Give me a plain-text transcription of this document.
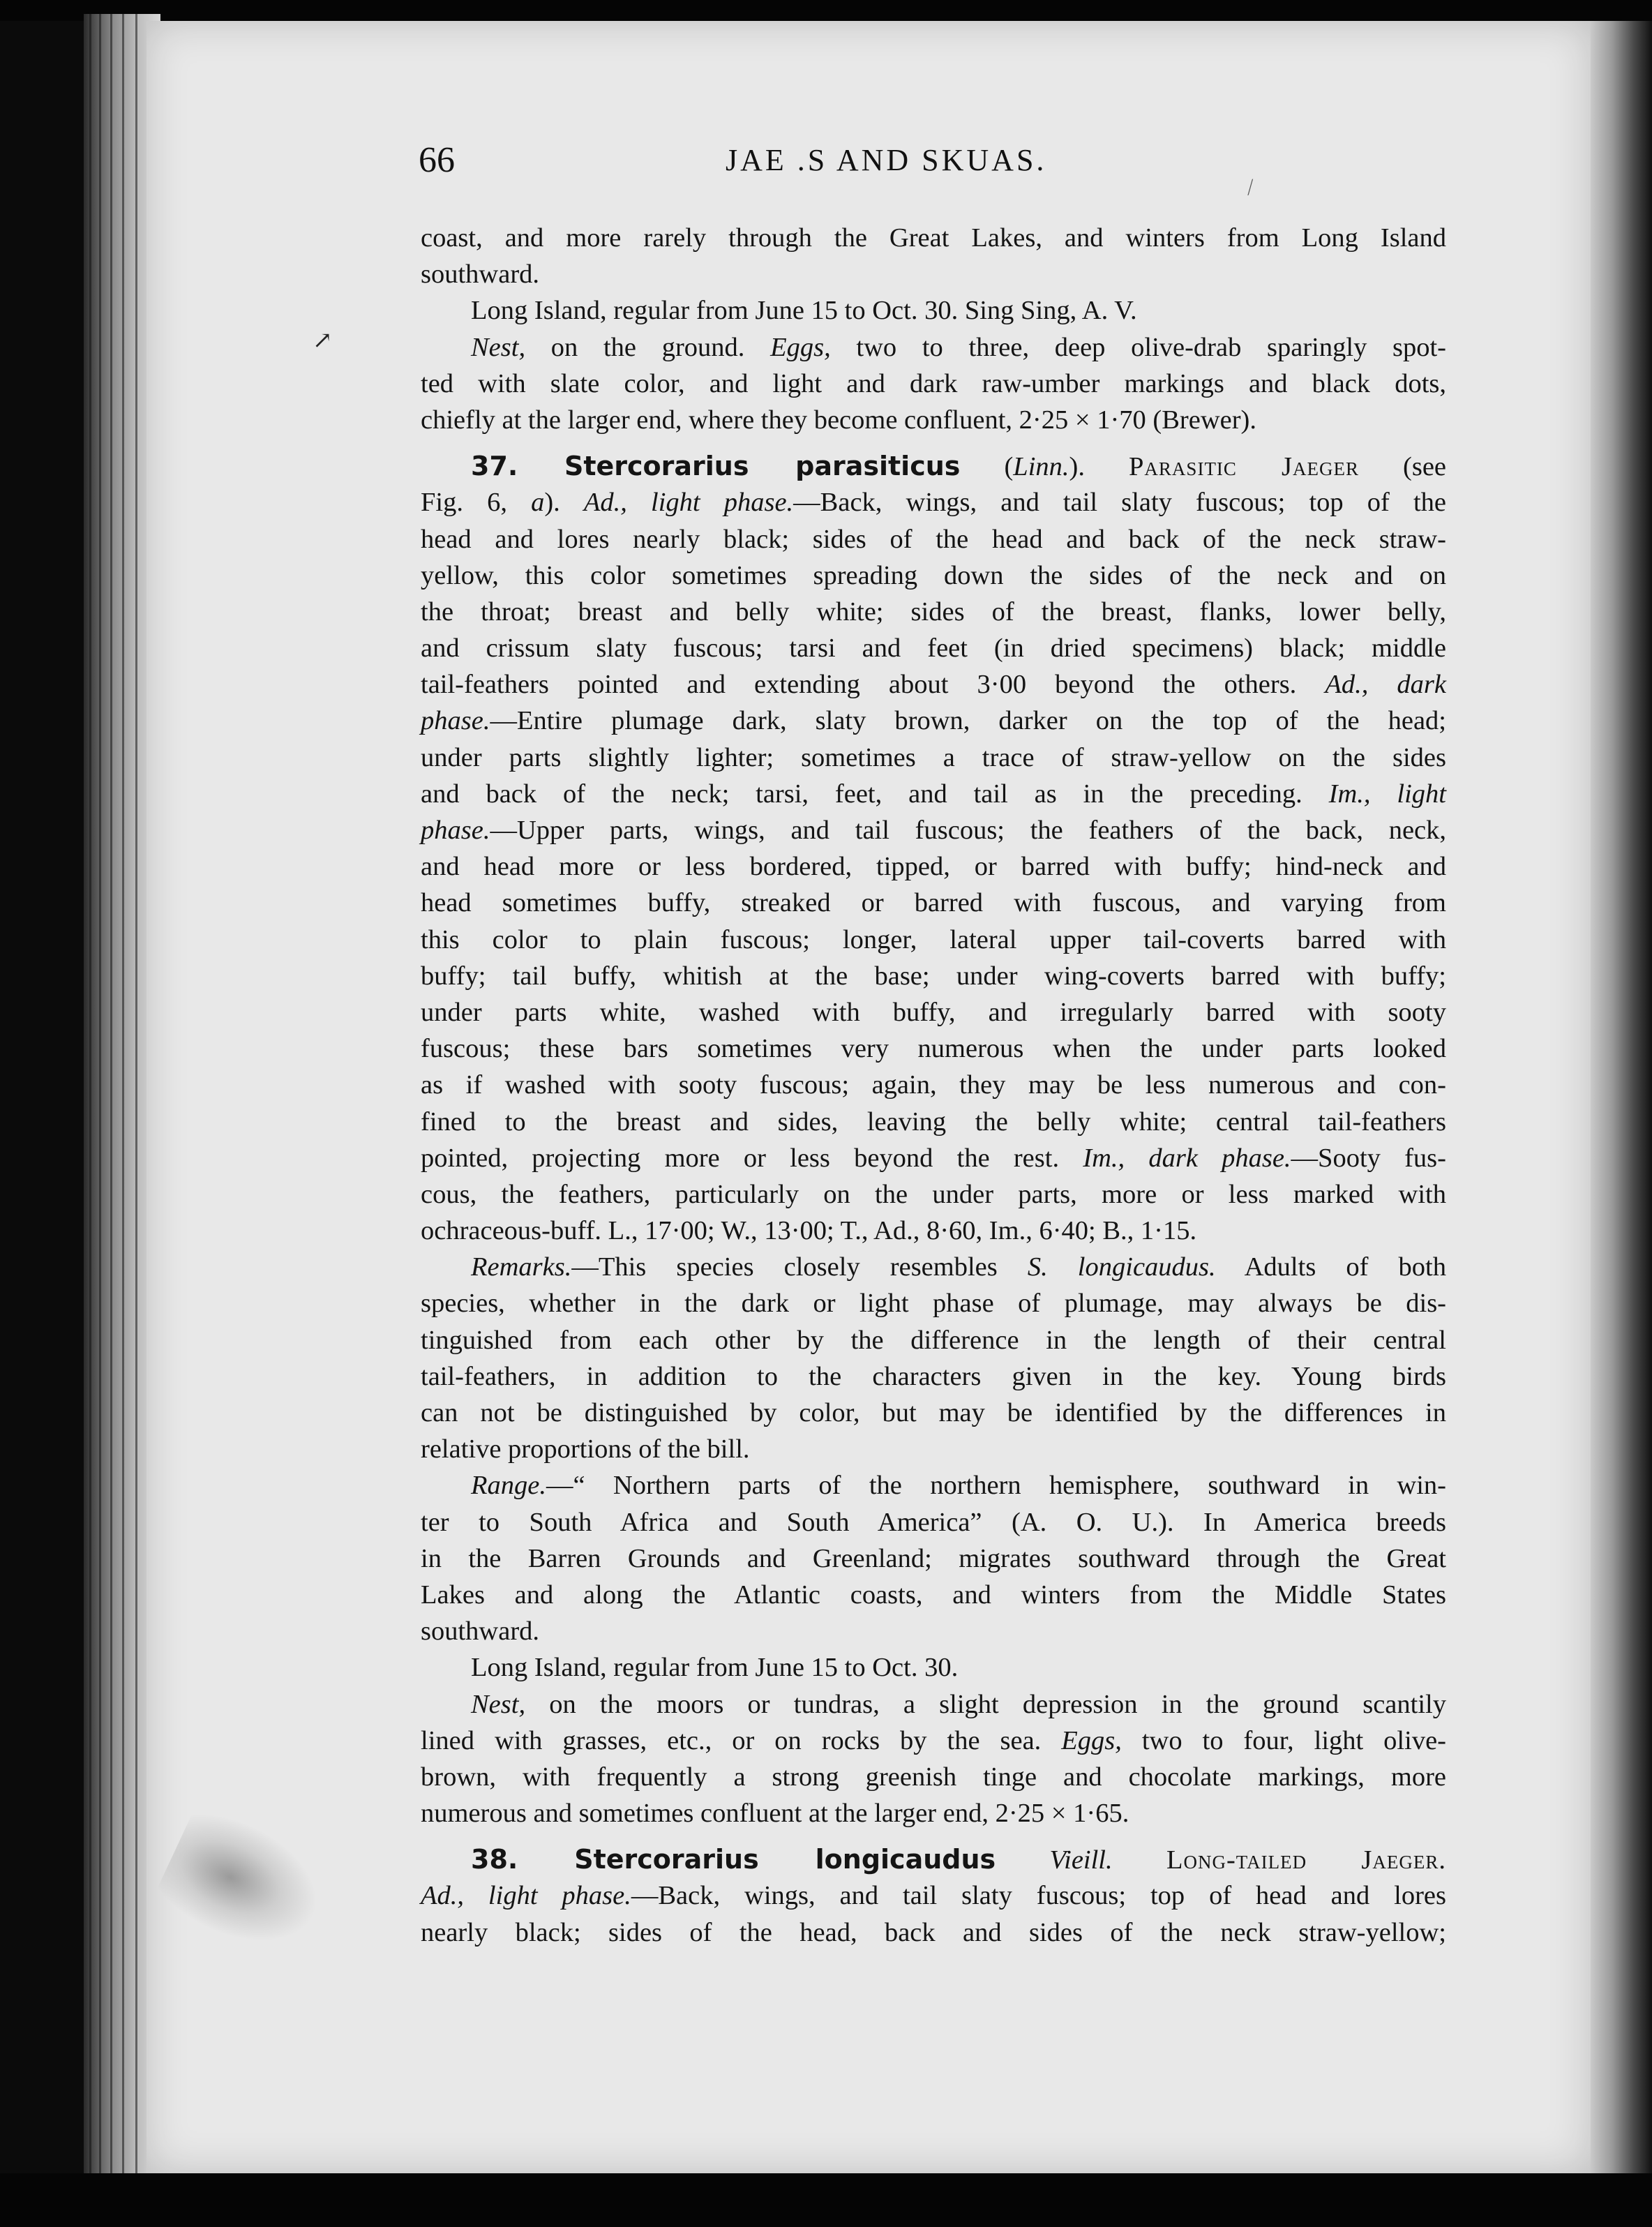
↗
⁄
66	JAE .S AND SKUAS.
coast, and more rarely through the Great Lakes, and winters from Long Island
southward.
Long Island, regular from June 15 to Oct. 30. Sing Sing, A. V.
Nest, on the ground. Eggs, two to three, deep olive-drab sparingly spot-
ted with slate color, and light and dark raw-umber markings and black dots,
chiefly at the larger end, where they become confluent, 2·25 × 1·70 (Brewer).
37. Stercorarius parasiticus (Linn.). Parasitic Jaeger (see
Fig. 6, a). Ad., light phase.—Back, wings, and tail slaty fuscous; top of the
head and lores nearly black; sides of the head and back of the neck straw-
yellow, this color sometimes spreading down the sides of the neck and on
the throat; breast and belly white; sides of the breast, flanks, lower belly,
and crissum slaty fuscous; tarsi and feet (in dried specimens) black; middle
tail-feathers pointed and extending about 3·00 beyond the others. Ad., dark
phase.—Entire plumage dark, slaty brown, darker on the top of the head;
under parts slightly lighter; sometimes a trace of straw-yellow on the sides
and back of the neck; tarsi, feet, and tail as in the preceding. Im., light
phase.—Upper parts, wings, and tail fuscous; the feathers of the back, neck,
and head more or less bordered, tipped, or barred with buffy; hind-neck and
head sometimes buffy, streaked or barred with fuscous, and varying from
this color to plain fuscous; longer, lateral upper tail-coverts barred with
buffy; tail buffy, whitish at the base; under wing-coverts barred with buffy;
under parts white, washed with buffy, and irregularly barred with sooty
fuscous; these bars sometimes very numerous when the under parts looked
as if washed with sooty fuscous; again, they may be less numerous and con-
fined to the breast and sides, leaving the belly white; central tail-feathers
pointed, projecting more or less beyond the rest. Im., dark phase.—Sooty fus-
cous, the feathers, particularly on the under parts, more or less marked with
ochraceous-buff. L., 17·00; W., 13·00; T., Ad., 8·60, Im., 6·40; B., 1·15.
Remarks.—This species closely resembles S. longicaudus. Adults of both
species, whether in the dark or light phase of plumage, may always be dis-
tinguished from each other by the difference in the length of their central
tail-feathers, in addition to the characters given in the key. Young birds
can not be distinguished by color, but may be identified by the differences in
relative proportions of the bill.
Range.—“ Northern parts of the northern hemisphere, southward in win-
ter to South Africa and South America” (A. O. U.). In America breeds
in the Barren Grounds and Greenland; migrates southward through the Great
Lakes and along the Atlantic coasts, and winters from the Middle States
southward.
Long Island, regular from June 15 to Oct. 30.
Nest, on the moors or tundras, a slight depression in the ground scantily
lined with grasses, etc., or on rocks by the sea. Eggs, two to four, light olive-
brown, with frequently a strong greenish tinge and chocolate markings, more
numerous and sometimes confluent at the larger end, 2·25 × 1·65.
38. Stercorarius longicaudus Vieill. Long-tailed Jaeger.
Ad., light phase.—Back, wings, and tail slaty fuscous; top of head and lores
nearly black; sides of the head, back and sides of the neck straw-yellow;
